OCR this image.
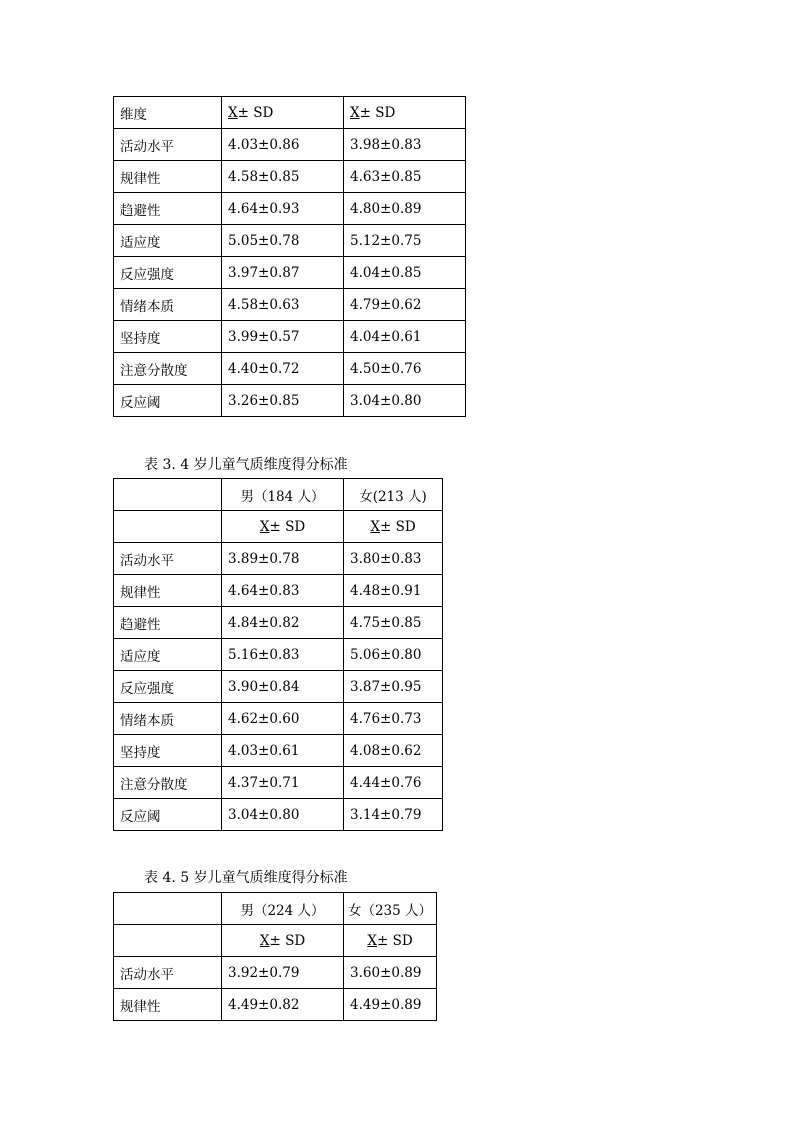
维度	X± SD	X± SD
活动水平	4.03±0.86	3.98±0.83
规律性	4.58±0.85	4.63±0.85
趋避性	4.64±0.93	4.80±0.89
适应度	5.05±0.78	5.12±0.75
反应强度	3.97±0.87	4.04±0.85
情绪本质	4.58±0.63	4.79±0.62
坚持度	3.99±0.57	4.04±0.61
注意分散度	4.40±0.72	4.50±0.76
反应阈	3.26±0.85	3.04±0.80
表 3. 4 岁儿童气质维度得分标准
	男（184 人）	女(213 人)
	X± SD	X± SD
活动水平	3.89±0.78	3.80±0.83
规律性	4.64±0.83	4.48±0.91
趋避性	4.84±0.82	4.75±0.85
适应度	5.16±0.83	5.06±0.80
反应强度	3.90±0.84	3.87±0.95
情绪本质	4.62±0.60	4.76±0.73
坚持度	4.03±0.61	4.08±0.62
注意分散度	4.37±0.71	4.44±0.76
反应阈	3.04±0.80	3.14±0.79
表 4. 5 岁儿童气质维度得分标准
	男（224 人）	女（235 人）
	X± SD	X± SD
活动水平	3.92±0.79	3.60±0.89
规律性	4.49±0.82	4.49±0.89
